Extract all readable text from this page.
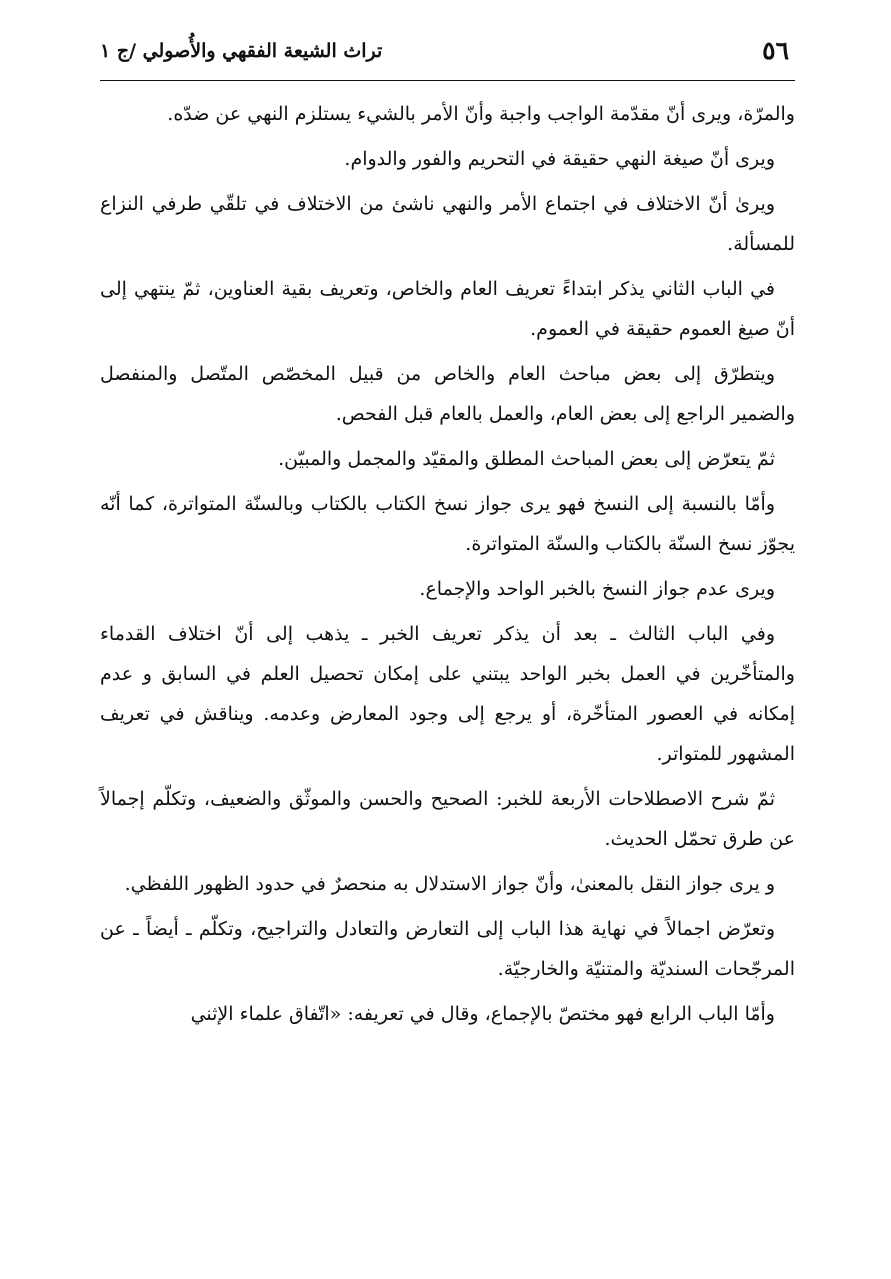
٥٦
تراث الشيعة الفقهي والأُصولي /ج ١

والمرّة، ويرى أنّ مقدّمة الواجب واجبة وأنّ الأمر بالشيء يستلزم النهي عن ضدّه.

ويرى أنّ صيغة النهي حقيقة في التحريم والفور والدوام.

ويرىٰ أنّ الاختلاف في اجتماع الأمر والنهي ناشئ من الاختلاف في تلقّي طرفي النزاع للمسألة.

في الباب الثاني يذكر ابتداءً تعريف العام والخاص، وتعريف بقية العناوين، ثمّ ينتهي إلى أنّ صيغ العموم حقيقة في العموم.

ويتطرّق إلى بعض مباحث العام والخاص من قبيل المخصّص المتّصل والمنفصل والضمير الراجع إلى بعض العام، والعمل بالعام قبل الفحص.

ثمّ يتعرّض إلى بعض المباحث المطلق والمقيّد والمجمل والمبيّن.

وأمّا بالنسبة إلى النسخ فهو يرى جواز نسخ الكتاب بالكتاب وبالسنّة المتواترة، كما أنّه يجوّز نسخ السنّة بالكتاب والسنّة المتواترة.

ويرى عدم جواز النسخ بالخبر الواحد والإجماع.

وفي الباب الثالث ـ بعد أن يذكر تعريف الخبر ـ يذهب إلى أنّ اختلاف القدماء والمتأخّرين في العمل بخبر الواحد يبتني على إمكان تحصيل العلم في السابق و عدم إمكانه في العصور المتأخّرة، أو يرجع إلى وجود المعارض وعدمه. ويناقش في تعريف المشهور للمتواتر.

ثمّ شرح الاصطلاحات الأربعة للخبر: الصحيح والحسن والموثّق والضعيف، وتكلّم إجمالاً عن طرق تحمّل الحديث.

و يرى جواز النقل بالمعنىٰ، وأنّ جواز الاستدلال به منحصرٌ في حدود الظهور اللفظي.

وتعرّض اجمالاً في نهاية هذا الباب إلى التعارض والتعادل والتراجيح، وتكلّم ـ أيضاً ـ عن المرجّحات السنديّة والمتنيّة والخارجيّة.

وأمّا الباب الرابع فهو مختصّ بالإجماع، وقال في تعريفه: «اتّفاق علماء الإثني
